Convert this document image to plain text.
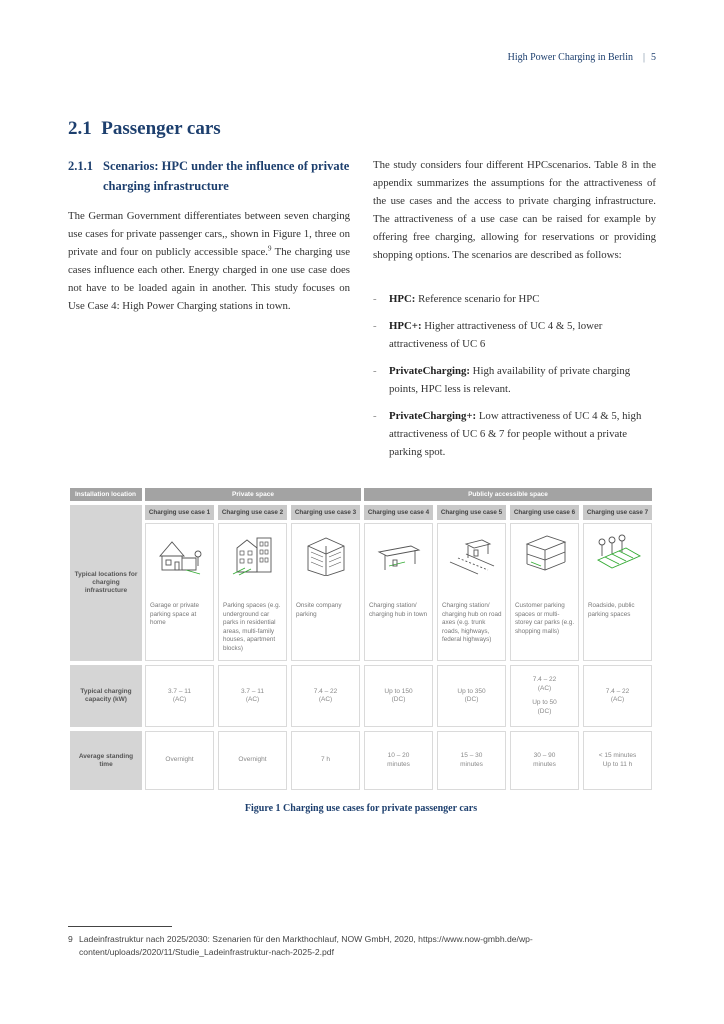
High Power Charging in Berlin | 5
2.1 Passenger cars
2.1.1 Scenarios: HPC under the influence of private charging infrastructure
The German Government differentiates between seven charging use cases for private passenger cars,, shown in Figure 1, three on private and four on publicly accessible space.$^9$ The charging use cases influence each other. Energy charged in one use case does not have to be loaded again in another. This study focuses on Use Case 4: High Power Charging stations in town.
The study considers four different HPCscenarios. Table 8 in the appendix summarizes the assumptions for the attractiveness of the use cases and the access to private charging infrastructure. The attractiveness of a use case can be raised for example by offering free charging, allowing for reservations or providing shopping options. The scenarios are described as follows:
- HPC: Reference scenario for HPC
- HPC+: Higher attractiveness of UC 4 & 5, lower attractiveness of UC 6
- PrivateCharging: High availability of private charging points, HPC less is relevant.
- PrivateCharging+: Low attractiveness of UC 4 & 5, high attractiveness of UC 6 & 7 for people without a private parking spot.
Installation location	Private space	Publicly accessible space
Typical locations for charging infrastructure
Typical charging capacity (kW)
Average standing time
Charging use case 1
Garage or private parking space at home
3.7 – 11
(AC)
Overnight
Charging use case 2
Parking spaces (e.g. underground car parks in residential areas, multi-family houses, apartment blocks)
3.7 – 11
(AC)
Overnight
Charging use case 3
Onsite company parking
7.4 – 22
(AC)
7 h
Charging use case 4
Charging station/ charging hub in town
Up to 150
(DC)
10 – 20
minutes
Charging use case 5
Charging station/ charging hub on road axes (e.g. trunk roads, highways, federal highways)
Up to 350
(DC)
15 – 30
minutes
Charging use case 6
Customer parking spaces or multi-storey car parks (e.g. shopping malls)
7.4 – 22
(AC)
Up to 50
(DC)
30 – 90
minutes
Charging use case 7
Roadside, public parking spaces
7.4 – 22
(AC)
< 15 minutes
Up to 11 h
Figure 1 Charging use cases for private passenger cars
9 Ladeinfrastruktur nach 2025/2030: Szenarien für den Markthochlauf, NOW GmbH, 2020, https://www.now-gmbh.de/wp-content/uploads/2020/11/Studie_Ladeinfrastruktur-nach-2025-2.pdf
